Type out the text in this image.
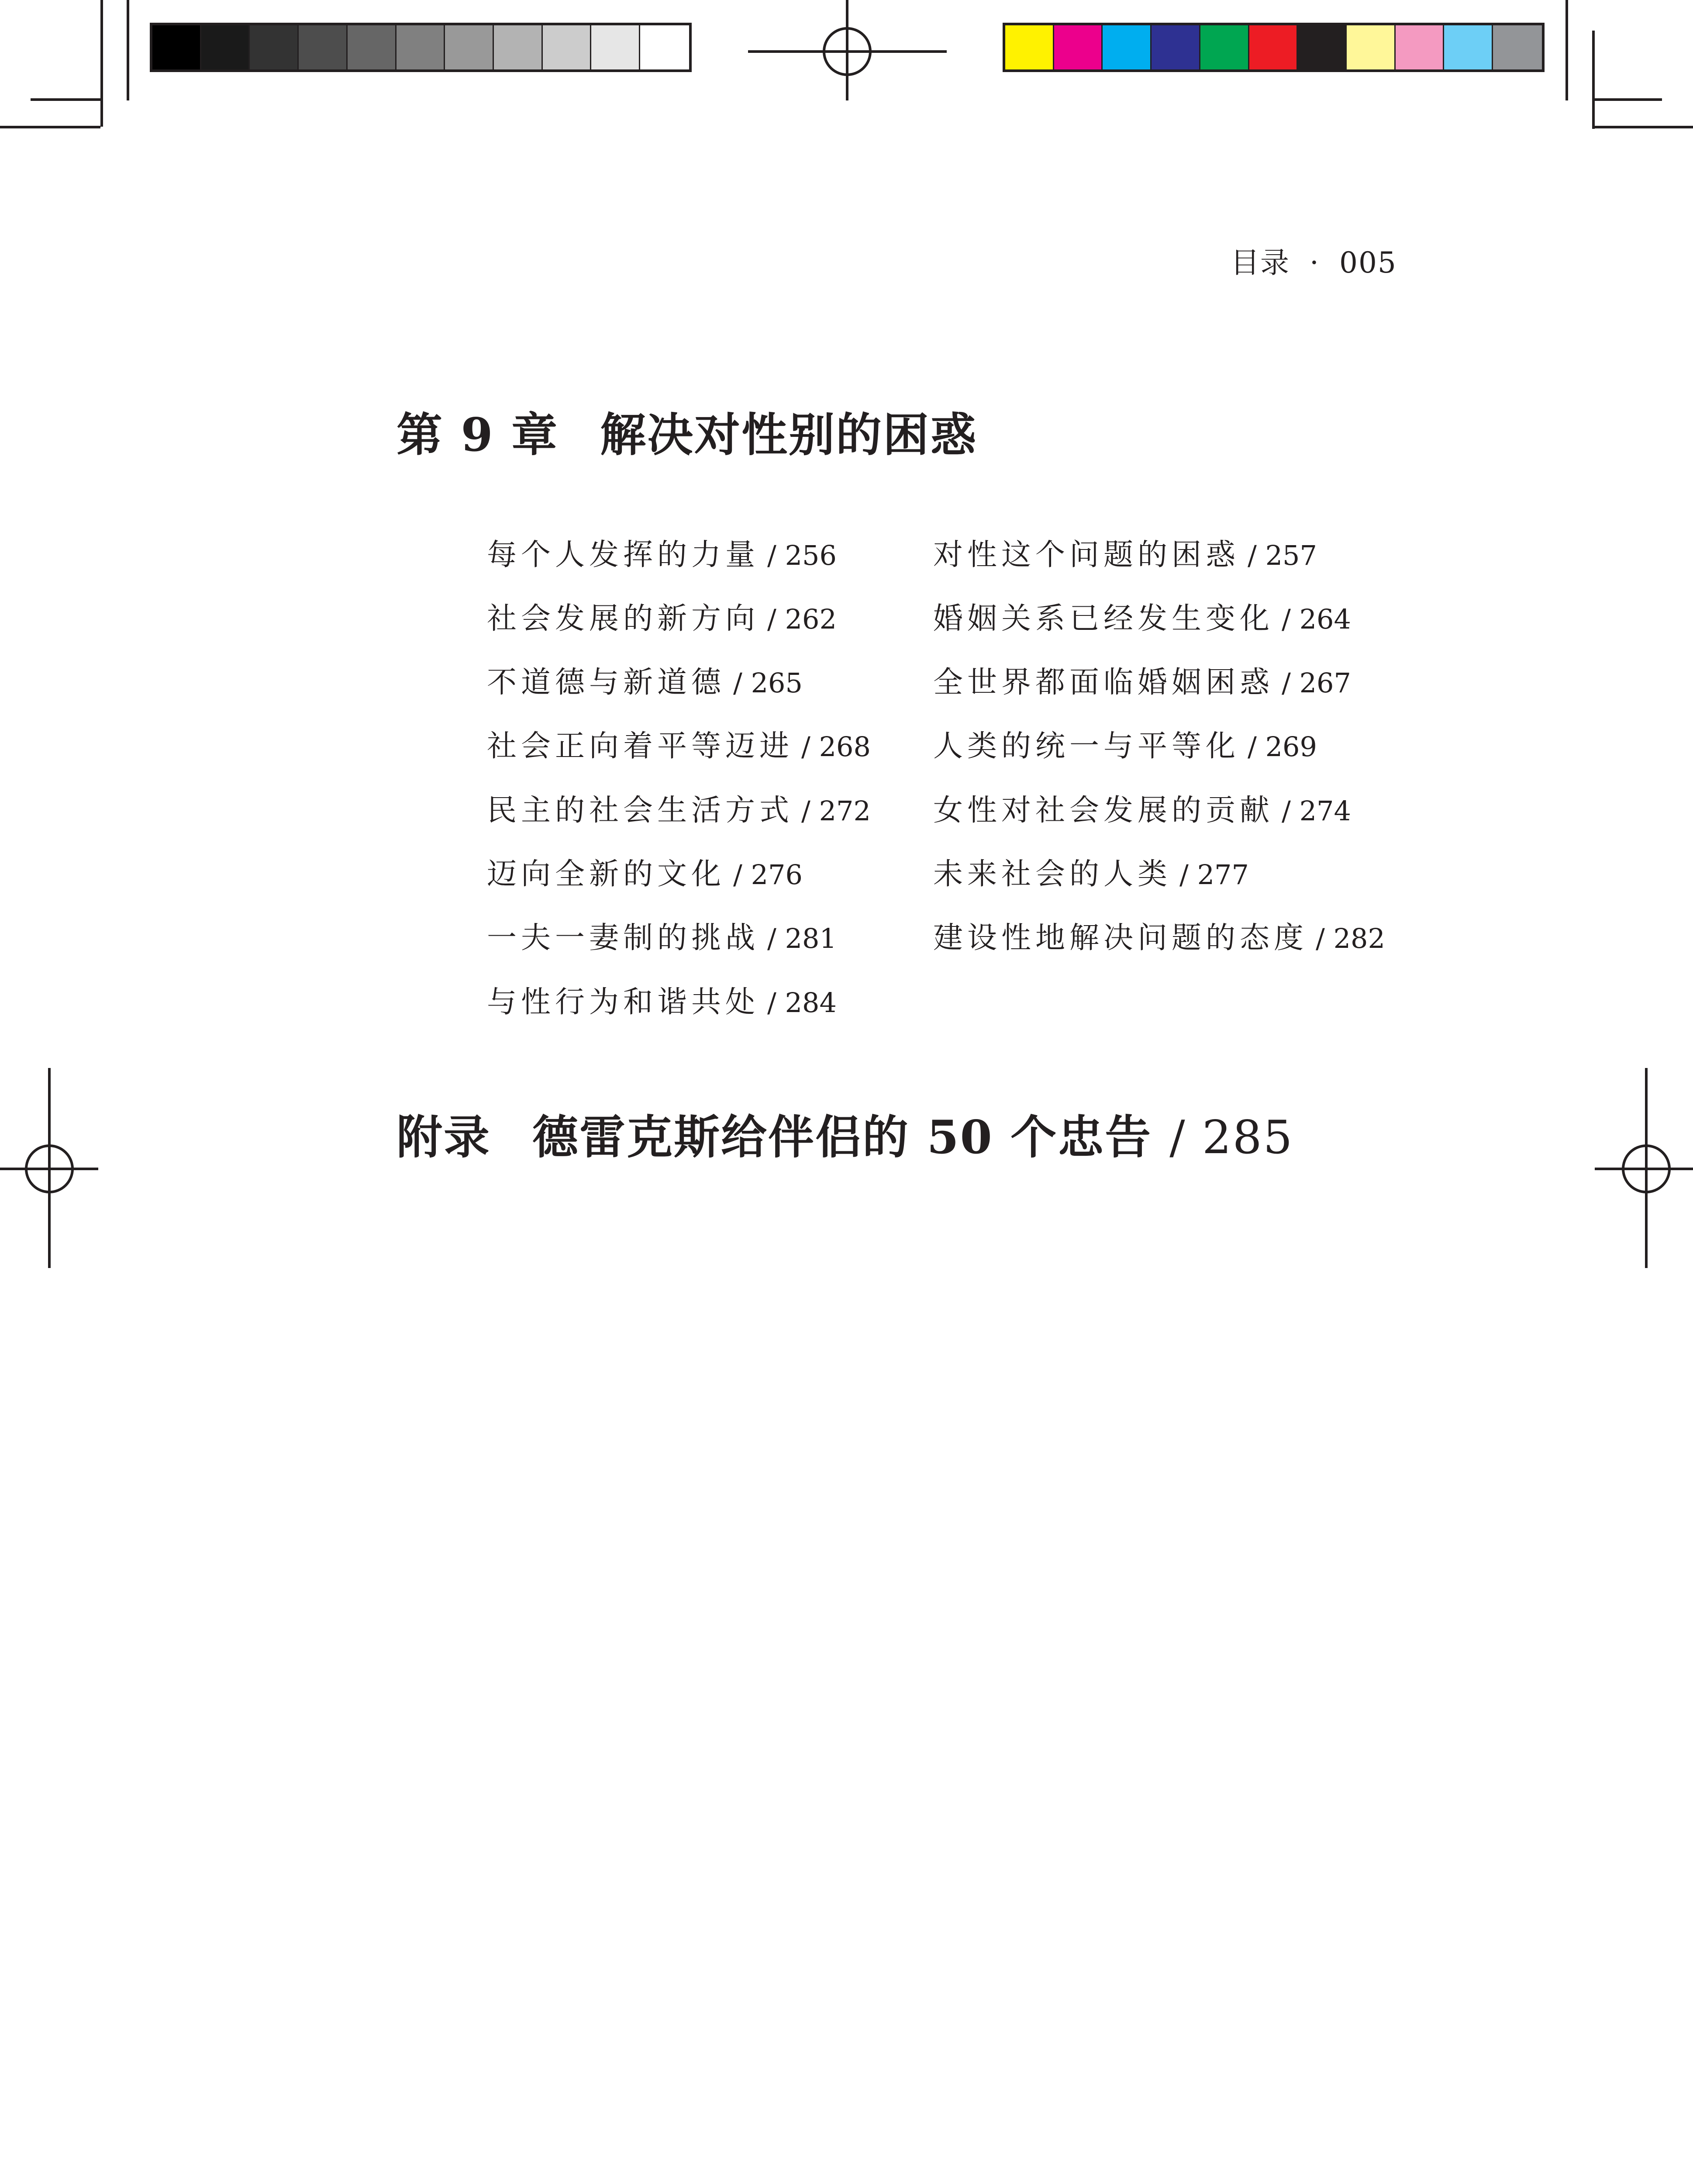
目录 · 005
第 9 章 解决对性别的困惑
每个人发挥的力量 / 256
社会发展的新方向 / 262
不道德与新道德 / 265
社会正向着平等迈进 / 268
民主的社会生活方式 / 272
迈向全新的文化 / 276
一夫一妻制的挑战 / 281
与性行为和谐共处 / 284
对性这个问题的困惑 / 257
婚姻关系已经发生变化 / 264
全世界都面临婚姻困惑 / 267
人类的统一与平等化 / 269
女性对社会发展的贡献 / 274
未来社会的人类 / 277
建设性地解决问题的态度 / 282
附录 德雷克斯给伴侣的 50 个忠告 / 285
